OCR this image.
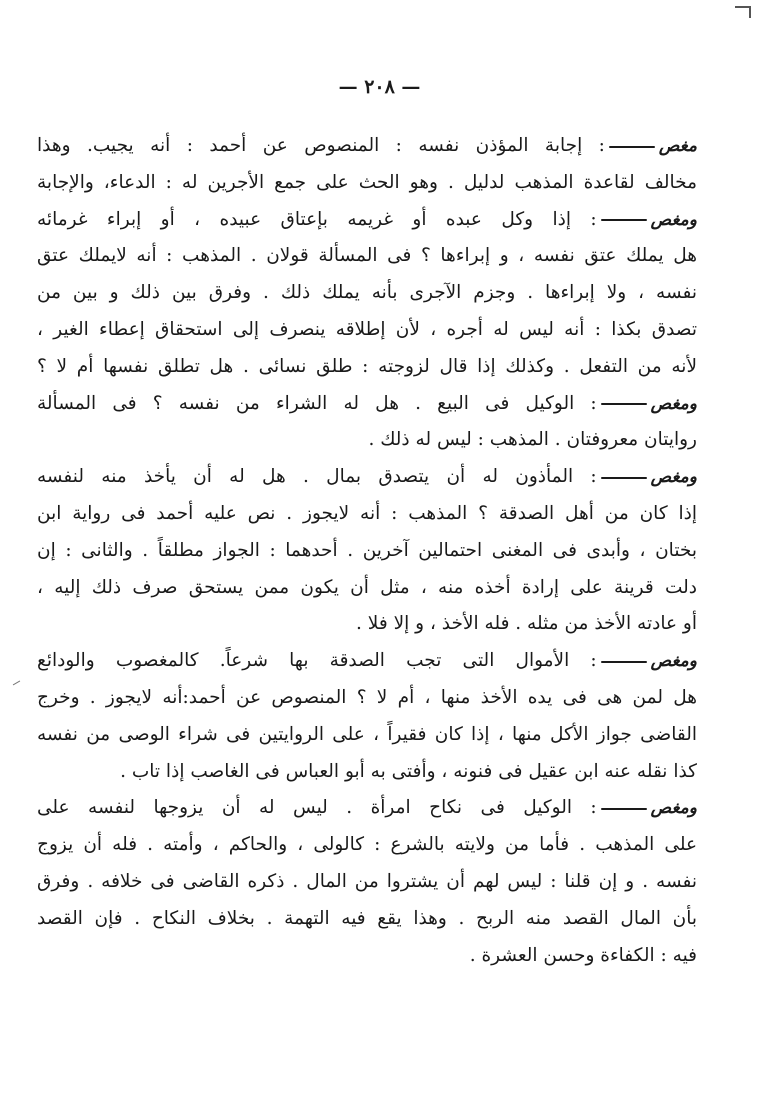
— ٢٠٨ —
مغص: إجابة المؤذن نفسه : المنصوص عن أحمد : أنه يجيب. وهذا
مخالف لقاعدة المذهب لدليل . وهو الحث على جمع الأجرين له : الدعاء، والإجابة
ومغص: إذا وكل عبده أو غريمه بإعتاق عبيده ، أو إبراء غرمائه
هل يملك عتق نفسه ، و إبراءها ؟ فى المسألة قولان . المذهب : أنه لايملك عتق
نفسه ، ولا إبراءها . وجزم الآجرى بأنه يملك ذلك . وفرق بين ذلك و بين من
تصدق بكذا : أنه ليس له أجره ، لأن إطلاقه ينصرف إلى استحقاق إعطاء الغير ،
لأنه من التفعل . وكذلك إذا قال لزوجته : طلق نسائى . هل تطلق نفسها أم لا ؟
ومغص: الوكيل فى البيع . هل له الشراء من نفسه ؟ فى المسألة
روايتان معروفتان . المذهب : ليس له ذلك .
ومغص: المأذون له أن يتصدق بمال . هل له أن يأخذ منه لنفسه
إذا كان من أهل الصدقة ؟ المذهب : أنه لايجوز . نص عليه أحمد فى رواية ابن
بختان ، وأبدى فى المغنى احتمالين آخرين . أحدهما : الجواز مطلقاً . والثانى : إن
دلت قرينة على إرادة أخذه منه ، مثل أن يكون ممن يستحق صرف ذلك إليه ،
أو عادته الأخذ من مثله . فله الأخذ ، و إلا فلا .
ومغص: الأموال التى تجب الصدقة بها شرعاً. كالمغصوب والودائع
هل لمن هى فى يده الأخذ منها ، أم لا ؟ المنصوص عن أحمد:أنه لايجوز . وخرج
القاضى جواز الأكل منها ، إذا كان فقيراً ، على الروايتين فى شراء الوصى من نفسه
كذا نقله عنه ابن عقيل فى فنونه ، وأفتى به أبو العباس فى الغاصب إذا تاب .
ومغص: الوكيل فى نكاح امرأة . ليس له أن يزوجها لنفسه على
على المذهب . فأما من ولايته بالشرع : كالولى ، والحاكم ، وأمته . فله أن يزوج
نفسه . و إن قلنا : ليس لهم أن يشتروا من المال . ذكره القاضى فى خلافه . وفرق
بأن المال القصد منه الربح . وهذا يقع فيه التهمة . بخلاف النكاح . فإن القصد
فيه : الكفاءة وحسن العشرة .
